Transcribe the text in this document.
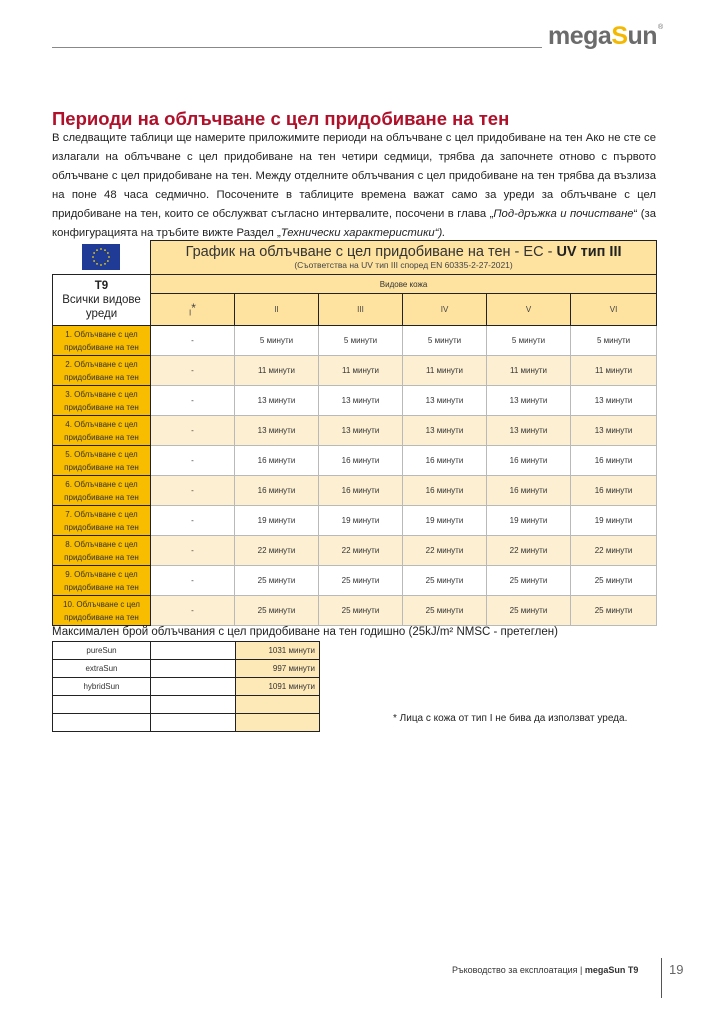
megaSun®
Периоди на облъчване с цел придобиване на тен

В следващите таблици ще намерите приложимите периоди на облъчване с цел придобиване на тен Ако не сте се излагали на облъчване с цел придобиване на тен четири седмици, трябва да започнете отново с първото облъчване с цел придобиване на тен. Между отделните облъчвания с цел придобиване на тен трябва да възлиза на поне 48 часа седмично. Посочените в таблиците времена важат само за уреди за облъчване с цел придобиване на тен, които се обслужват съгласно интервалите, посочени в глава „Под-дръжка и почистване“ (за конфигурацията на тръбите вижте Раздел „Технически характеристики“).

График на облъчване с цел придобиване на тен - ЕС - UV тип III
(Съответства на UV тип III според EN 60335-2-27-2021)					

T9
Всички видове уреди	Видове кожа					
	I*	II	III	IV	V	VI
1. Облъчване с цел придобиване на тен	-	5 минути	5 минути	5 минути	5 минути	5 минути
2. Облъчване с цел придобиване на тен	-	11 минути	11 минути	11 минути	11 минути	11 минути
3. Облъчване с цел придобиване на тен	-	13 минути	13 минути	13 минути	13 минути	13 минути
4. Облъчване с цел придобиване на тен	-	13 минути	13 минути	13 минути	13 минути	13 минути
5. Облъчване с цел придобиване на тен	-	16 минути	16 минути	16 минути	16 минути	16 минути
6. Облъчване с цел придобиване на тен	-	16 минути	16 минути	16 минути	16 минути	16 минути
7. Облъчване с цел придобиване на тен	-	19 минути	19 минути	19 минути	19 минути	19 минути
8. Облъчване с цел придобиване на тен	-	22 минути	22 минути	22 минути	22 минути	22 минути
9. Облъчване с цел придобиване на тен	-	25 минути	25 минути	25 минути	25 минути	25 минути
10. Облъчване с цел придобиване на тен	-	25 минути	25 минути	25 минути	25 минути	25 минути
Максимален брой облъчвания с цел придобиване на тен годишно (25kJ/m² NMSC - претеглен)
pureSun		1031 минути
extraSun		997 минути
hybridSun		1091 минути

* Лица с кожа от тип I не бива да използват уреда.
Ръководство за експлоатация | megaSun T9 19
